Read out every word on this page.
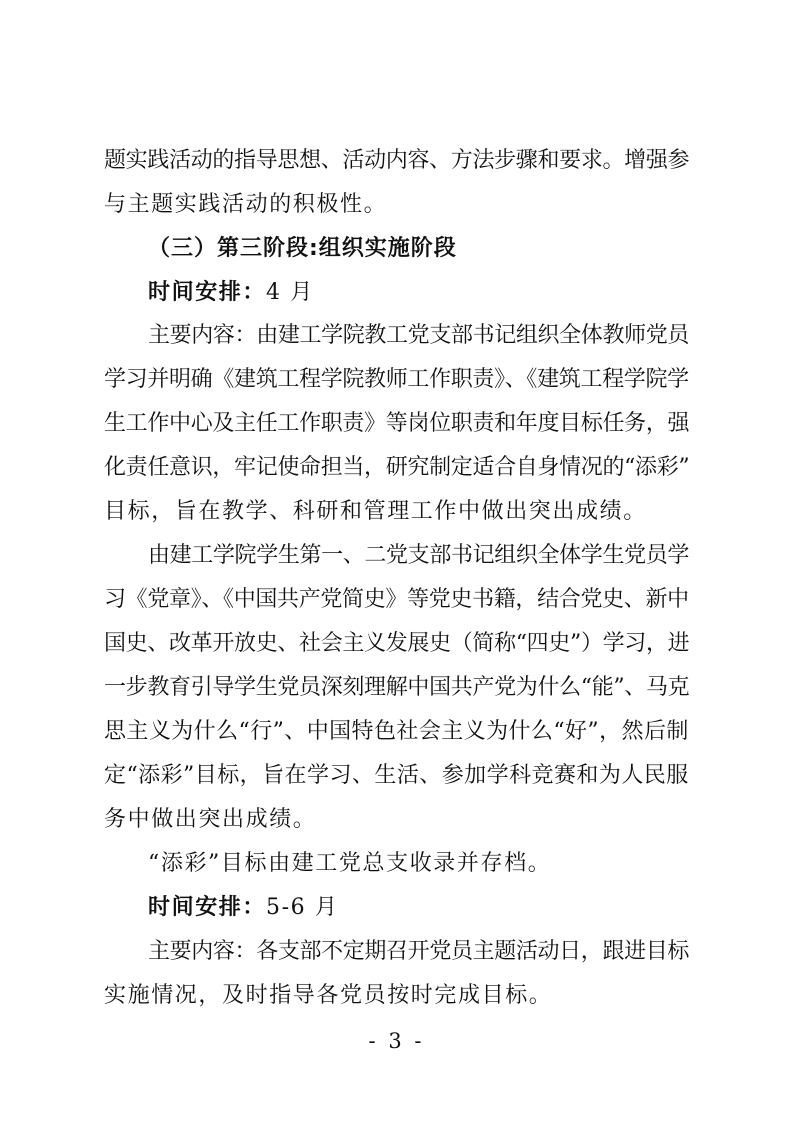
题实践活动的指导思想、活动内容、方法步骤和要求。增强参
与主题实践活动的积极性。
（三）第三阶段:组织实施阶段
时间安排：4 月
主要内容：由建工学院教工党支部书记组织全体教师党员
学习并明确《建筑工程学院教师工作职责》、《建筑工程学院学
生工作中心及主任工作职责》等岗位职责和年度目标任务，强
化责任意识，牢记使命担当，研究制定适合自身情况的“添彩”
目标，旨在教学、科研和管理工作中做出突出成绩。
由建工学院学生第一、二党支部书记组织全体学生党员学
习《党章》、《中国共产党简史》等党史书籍，结合党史、新中
国史、改革开放史、社会主义发展史（简称“四史”）学习，进
一步教育引导学生党员深刻理解中国共产党为什么“能”、马克
思主义为什么“行”、中国特色社会主义为什么“好”，然后制
定“添彩”目标，旨在学习、生活、参加学科竞赛和为人民服
务中做出突出成绩。
“添彩”目标由建工党总支收录并存档。
时间安排：5-6 月
主要内容：各支部不定期召开党员主题活动日，跟进目标
实施情况，及时指导各党员按时完成目标。
- 3 -
